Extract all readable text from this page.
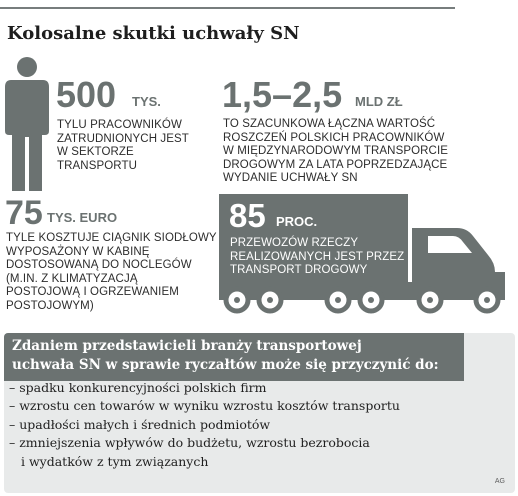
Kolosalne skutki uchwały SN
500 TYS.

TYLU PRACOWNIKÓW
ZATRUDNIONYCH JEST
W SEKTORZE
TRANSPORTU

1,5–2,5 MLD ZŁ

TO SZACUNKOWA ŁĄCZNA WARTOŚĆ
ROSZCZEŃ POLSKICH PRACOWNIKÓW
W MIĘDZYNARODOWYM TRANSPORCIE
DROGOWYM ZA LATA POPRZEDZAJĄCE
WYDANIE UCHWAŁY SN

75 TYS. EURO

TYLE KOSZTUJE CIĄGNIK SIODŁOWY
WYPOSAŻONY W KABINĘ
DOSTOSOWANĄ DO NOCLEGÓW
(M.IN. Z KLIMATYZACJĄ
POSTOJOWĄ I OGRZEWANIEM
POSTOJOWYM)

85 PROC.

PRZEWOZÓW RZECZY
REALIZOWANYCH JEST PRZEZ
TRANSPORT DROGOWY

Zdaniem przedstawicieli branży transportowej
uchwała SN w sprawie ryczałtów może się przyczynić do:

– spadku konkurencyjności polskich firm
– wzrostu cen towarów w wyniku wzrostu kosztów transportu
– upadłości małych i średnich podmiotów
– zmniejszenia wpływów do budżetu, wzrostu bezrobocia
i wydatków z tym związanych
AG
